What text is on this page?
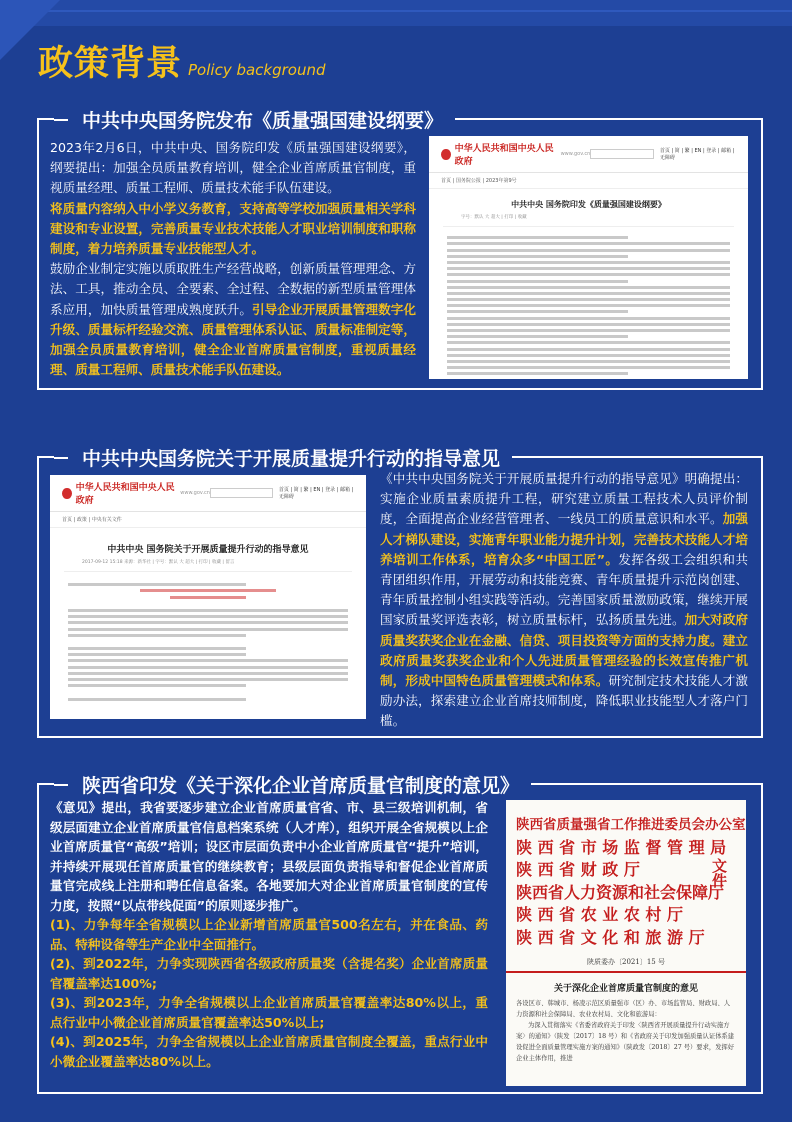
政策背景 Policy background
中共中央国务院发布《质量强国建设纲要》

2023年2月6日，中共中央、国务院印发《质量强国建设纲要》，纲要提出：加强全员质量教育培训，健全企业首席质量官制度，重视质量经理、质量工程师、质量技术能手队伍建设。

将质量内容纳入中小学义务教育，支持高等学校加强质量相关学科建设和专业设置，完善质量专业技术技能人才职业培训制度和职称制度，着力培养质量专业技能型人才。

鼓励企业制定实施以质取胜生产经营战略，创新质量管理理念、方法、工具，推动全员、全要素、全过程、全数据的新型质量管理体系应用，加快质量管理成熟度跃升。引导企业开展质量管理数字化升级、质量标杆经验交流、质量管理体系认证、质量标准制定等，加强全员质量教育培训，健全企业首席质量官制度，重视质量经理、质量工程师、质量技术能手队伍建设。

中华人民共和国中央人民政府
www.gov.cn	首页 | 简 | 繁 | EN | 登录 | 邮箱 | 无障碍
首页 | 国务院公报 | 2023年第9号
中共中央 国务院印发《质量强国建设纲要》
字号：默认 大 超大 | 打印 | 收藏
中共中央国务院关于开展质量提升行动的指导意见
中华人民共和国中央人民政府
www.gov.cn	首页 | 简 | 繁 | EN | 登录 | 邮箱 | 无障碍
首页 | 政策 | 中央有关文件
中共中央 国务院关于开展质量提升行动的指导意见
2017-09-12 15:18 来源：新华社 | 字号：默认 大 超大 | 打印 | 收藏 | 留言

《中共中央国务院关于开展质量提升行动的指导意见》明确提出：实施企业质量素质提升工程，研究建立质量工程技术人员评价制度，全面提高企业经营管理者、一线员工的质量意识和水平。加强人才梯队建设，实施青年职业能力提升计划，完善技术技能人才培养培训工作体系，培育众多“中国工匠”。发挥各级工会组织和共青团组织作用，开展劳动和技能竞赛、青年质量提升示范岗创建、青年质量控制小组实践等活动。完善国家质量激励政策，继续开展国家质量奖评选表彰，树立质量标杆，弘扬质量先进。加大对政府质量奖获奖企业在金融、信贷、项目投资等方面的支持力度。建立政府质量奖获奖企业和个人先进质量管理经验的长效宣传推广机制，形成中国特色质量管理模式和体系。研究制定技术技能人才激励办法，探索建立企业首席技师制度，降低职业技能型人才落户门槛。

陕西省印发《关于深化企业首席质量官制度的意见》

《意见》提出，我省要逐步建立企业首席质量官省、市、县三级培训机制，省级层面建立企业首席质量官信息档案系统（人才库），组织开展全省规模以上企业首席质量官“高级”培训；设区市层面负责中小企业首席质量官“提升”培训，并持续开展现任首席质量官的继续教育；县级层面负责指导和督促企业首席质量官完成线上注册和聘任信息备案。各地要加大对企业首席质量官制度的宣传力度，按照“以点带线促面”的原则逐步推广。

(1)、力争每年全省规模以上企业新增首席质量官500名左右，并在食品、药品、特种设备等生产企业中全面推行。

(2)、到2022年，力争实现陕西省各级政府质量奖（含提名奖）企业首席质量官覆盖率达100%;

(3)、到2023年，力争全省规模以上企业首席质量官覆盖率达80%以上，重点行业中小微企业首席质量官覆盖率达50%以上;

(4)、到2025年，力争全省规模以上企业首席质量官制度全覆盖，重点行业中小微企业覆盖率达80%以上。

陕西省质量强省工作推进委员会办公室
陕 西 省 市 场 监 督 管 理 局
陕 西 省 财 政 厅
陕西省人力资源和社会保障厅
陕 西 省 农 业 农 村 厅
陕 西 省 文 化 和 旅 游 厅
文件
陕质委办〔2021〕15 号
关于深化企业首席质量官制度的意见
各设区市、韩城市、杨凌示范区质量强市（区）办、市场监管局、财政局、人力资源和社会保障局、农业农村局、文化和旅游局：
为深入贯彻落实《省委省政府关于印发〈陕西省开展质量提升行动实施方案〉的通知》（陕发〔2017〕18 号）和《省政府关于印发加强质量认证体系建设促进全面质量管理实施方案的通知》（陕政发〔2018〕27 号）要求，发挥好企业主体作用，推进
